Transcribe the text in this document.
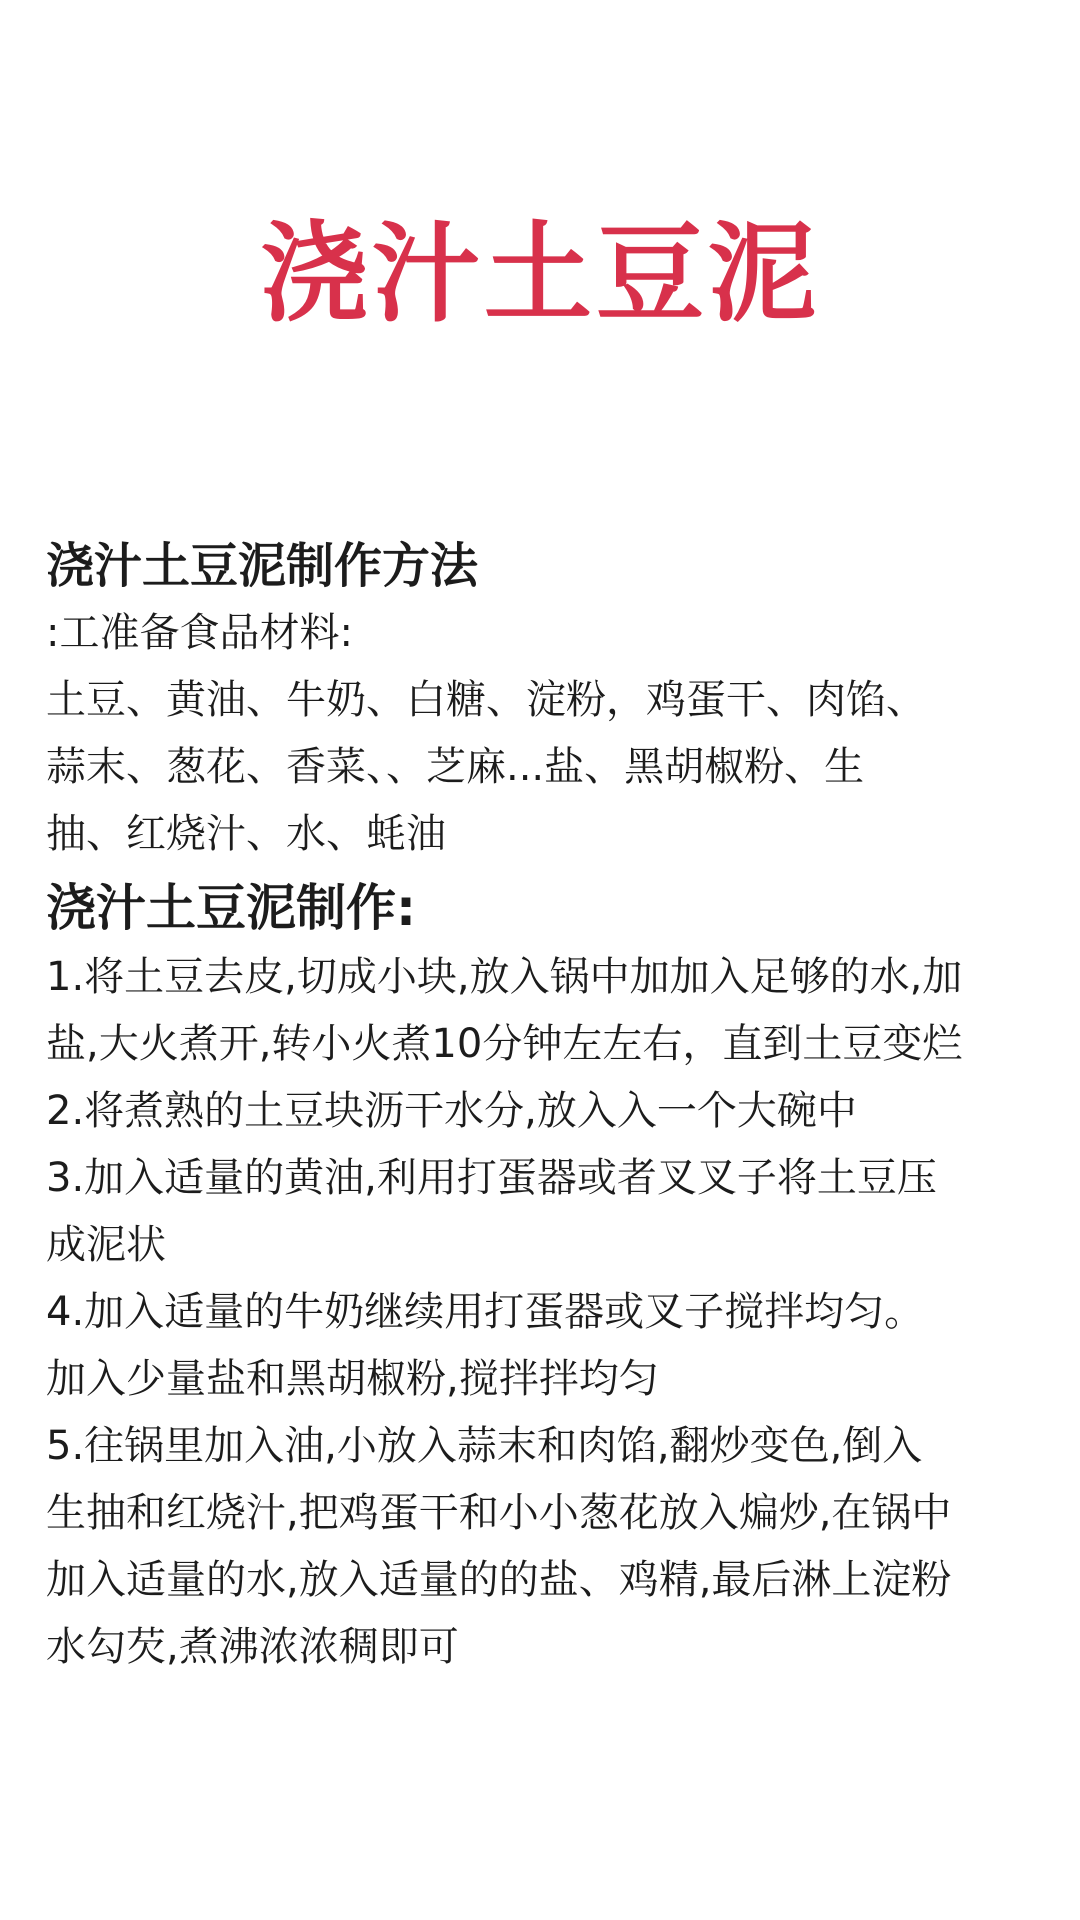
浇汁土豆泥
浇汁土豆泥制作方法
:工准备食品材料:
土豆、黄油、牛奶、白糖、淀粉，鸡蛋干、肉馅、
蒜末、葱花、香菜、、芝麻...盐、黑胡椒粉、生
抽、红烧汁、水、蚝油
浇汁土豆泥制作:
1.将土豆去皮,切成小块,放入锅中加加入足够的水,加
盐,大火煮开,转小火煮10分钟左左右，直到土豆变烂
2.将煮熟的土豆块沥干水分,放入入一个大碗中
3.加入适量的黄油,利用打蛋器或者叉叉子将土豆压
成泥状
4.加入适量的牛奶继续用打蛋器或叉子搅拌均匀。
加入少量盐和黑胡椒粉,搅拌拌均匀
5.往锅里加入油,小放入蒜末和肉馅,翻炒变色,倒入
生抽和红烧汁,把鸡蛋干和小小葱花放入煸炒,在锅中
加入适量的水,放入适量的的盐、鸡精,最后淋上淀粉
水勾芡,煮沸浓浓稠即可
